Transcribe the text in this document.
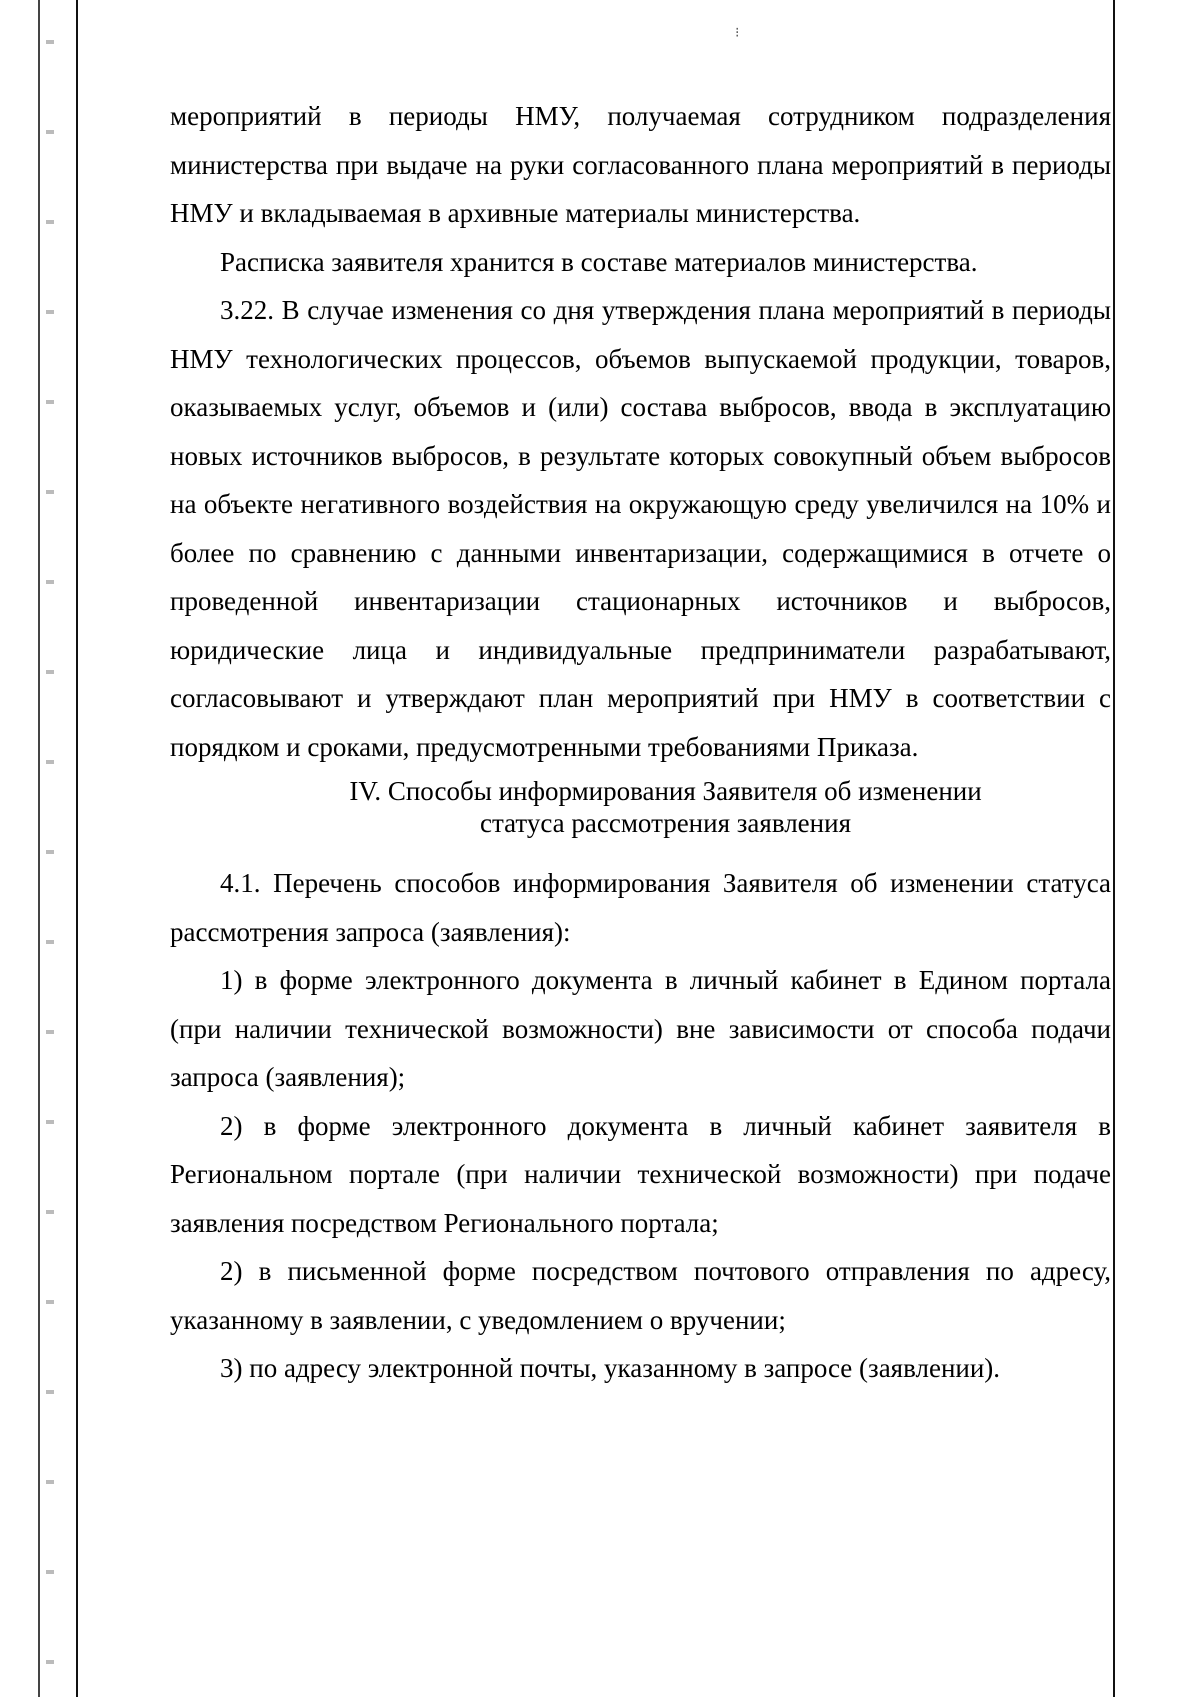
⁝

мероприятий в периоды НМУ, получаемая сотрудником подразделения министерства при выдаче на руки согласованного плана мероприятий в периоды НМУ и вкладываемая в архивные материалы министерства.

Расписка заявителя хранится в составе материалов министерства.

3.22. В случае изменения со дня утверждения плана мероприятий в периоды НМУ технологических процессов, объемов выпускаемой продукции, товаров, оказываемых услуг, объемов и (или) состава выбросов, ввода в эксплуатацию новых источников выбросов, в результате которых совокупный объем выбросов на объекте негативного воздействия на окружающую среду увеличился на 10% и более по сравнению с данными инвентаризации, содержащимися в отчете о проведенной инвентаризации стационарных источников и выбросов, юридические лица и индивидуальные предприниматели разрабатывают, согласовывают и утверждают план мероприятий при НМУ в соответствии с порядком и сроками, предусмотренными требованиями Приказа.

IV. Способы информирования Заявителя об изменении
статуса рассмотрения заявления

4.1. Перечень способов информирования Заявителя об изменении статуса рассмотрения запроса (заявления):

1) в форме электронного документа в личный кабинет в Едином портала (при наличии технической возможности) вне зависимости от способа подачи запроса (заявления);

2) в форме электронного документа в личный кабинет заявителя в Региональном портале (при наличии технической возможности) при подаче заявления посредством Регионального портала;

2) в письменной форме посредством почтового отправления по адресу, указанному в заявлении, с уведомлением о вручении;

3) по адресу электронной почты, указанному в запросе (заявлении).
